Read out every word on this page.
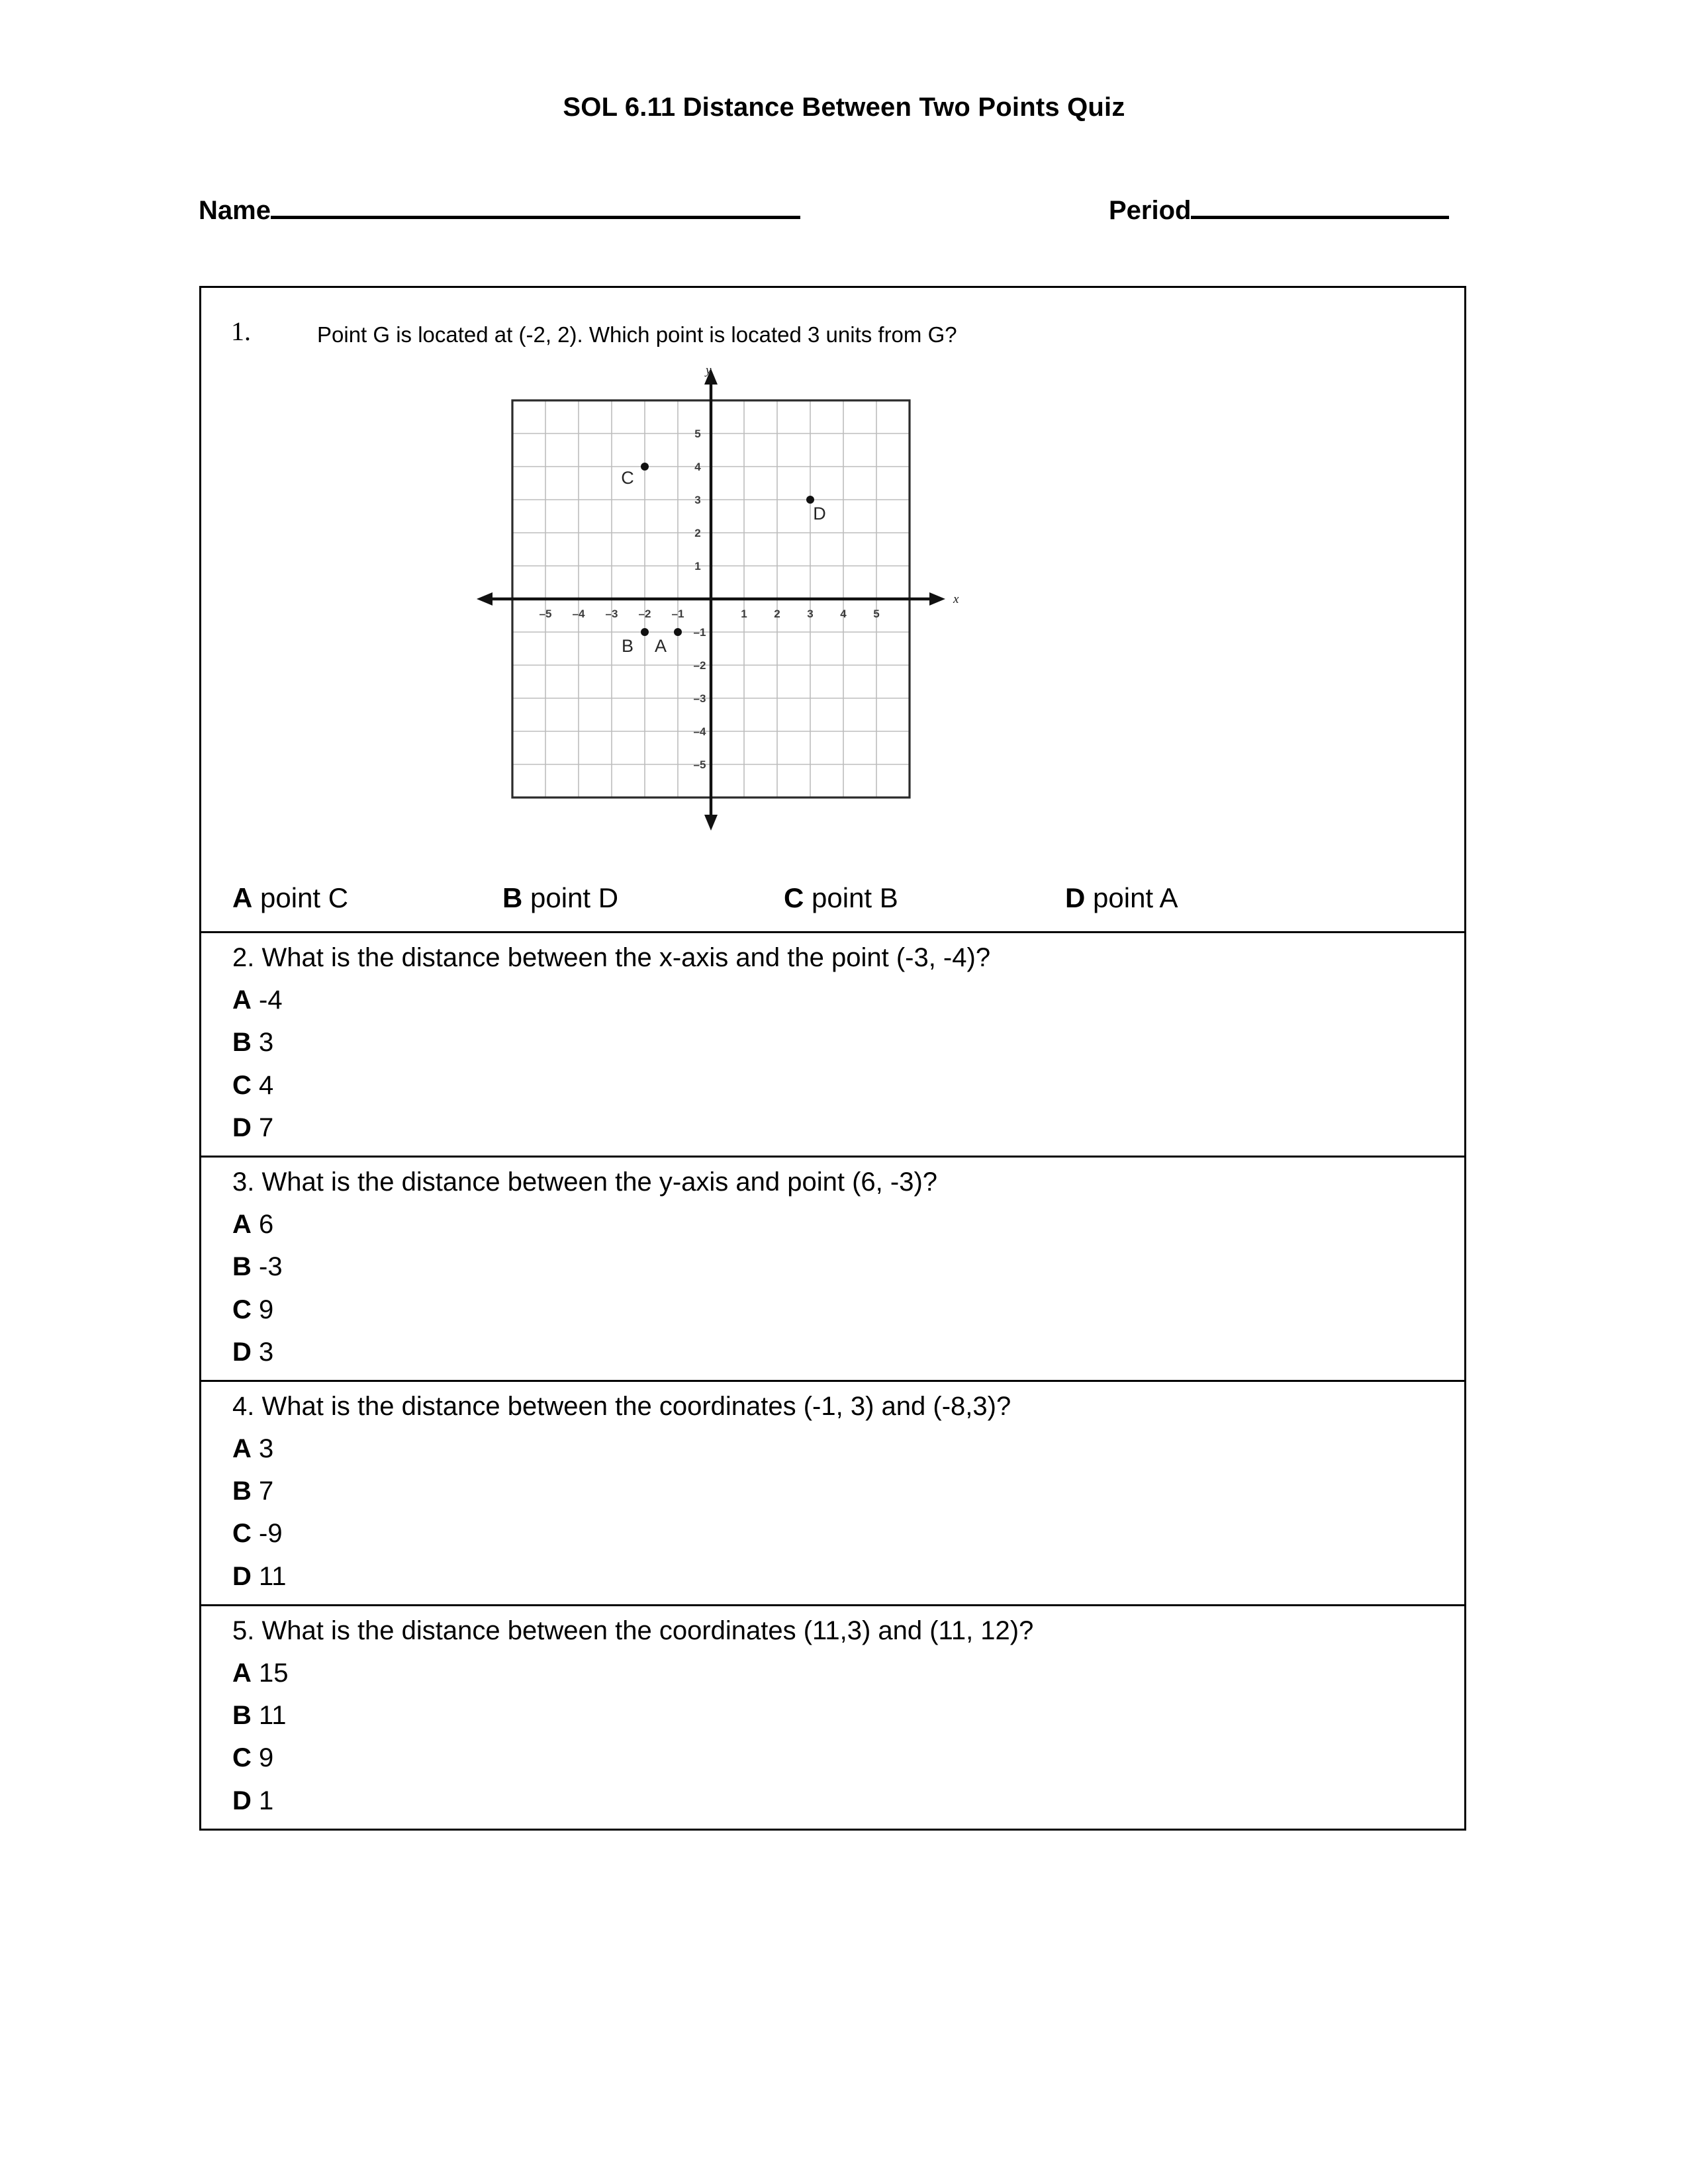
SOL 6.11 Distance Between Two Points Quiz
Name	Period
1.	Point G is located at (-2, 2). Which point is located 3 units from G?
x
y
5
4
3
2
1
–1
–2
–3
–4
–5
–5 –4 –3 –2 –1	1 2 3 4 5
C
D
B A
A point C	B point D	C point B	D point A
2. What is the distance between the x-axis and the point (-3, -4)?
A -4
B 3
C 4
D 7
3. What is the distance between the y-axis and point (6, -3)?
A 6
B -3
C 9
D 3
4. What is the distance between the coordinates (-1, 3) and (-8,3)?
A 3
B 7
C -9
D 11
5. What is the distance between the coordinates (11,3) and (11, 12)?
A 15
B 11
C 9
D 1
